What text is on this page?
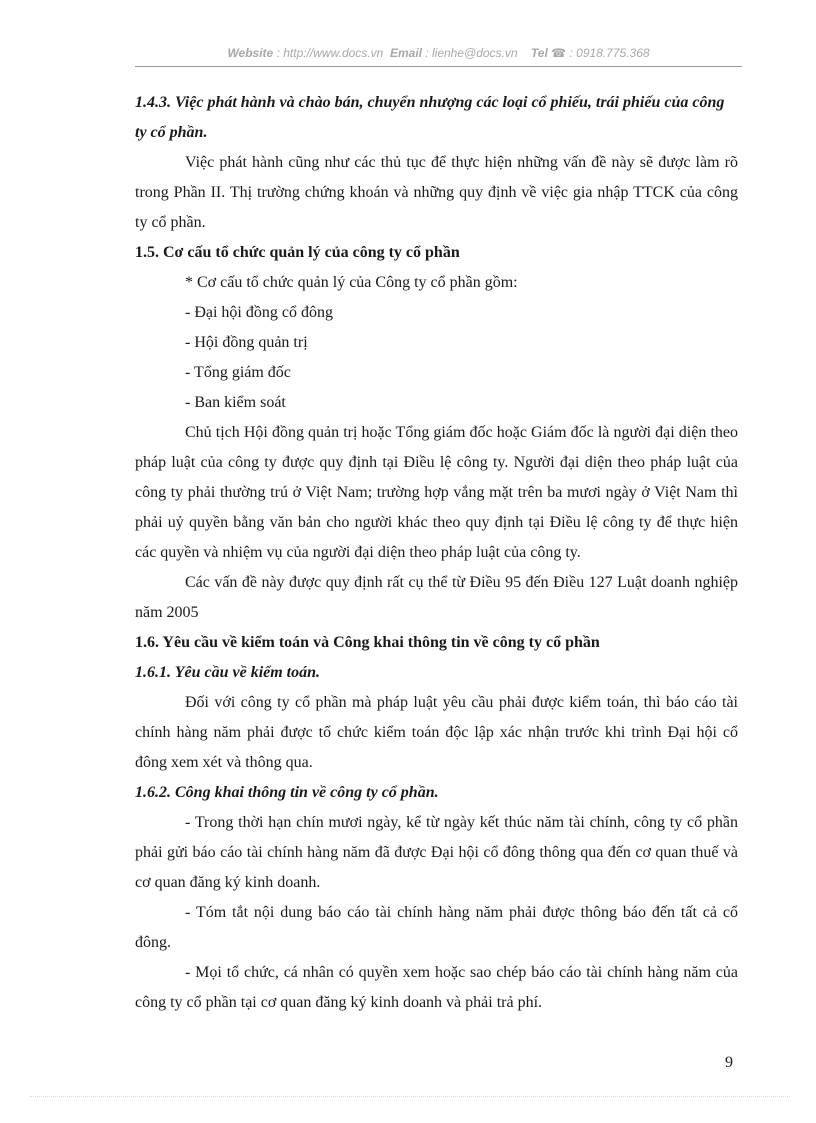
Website : http://www.docs.vn Email : lienhe@docs.vn Tel ☎ : 0918.775.368
1.4.3. Việc phát hành và chào bán, chuyển nhượng các loại cổ phiếu, trái phiếu của công ty cổ phần.

Việc phát hành cũng như các thủ tục để thực hiện những vấn đề này sẽ được làm rõ trong Phần II. Thị trường chứng khoán và những quy định về việc gia nhập TTCK của công ty cổ phần.

1.5. Cơ cấu tổ chức quản lý của công ty cổ phần
* Cơ cấu tổ chức quản lý của Công ty cổ phần gồm:
- Đại hội đồng cổ đông
- Hội đồng quản trị
- Tổng giám đốc
- Ban kiểm soát

Chủ tịch Hội đồng quản trị hoặc Tổng giám đốc hoặc Giám đốc là người đại diện theo pháp luật của công ty được quy định tại Điều lệ công ty. Người đại diện theo pháp luật của công ty phải thường trú ở Việt Nam; trường hợp vắng mặt trên ba mươi ngày ở Việt Nam thì phải uỷ quyền bằng văn bản cho người khác theo quy định tại Điều lệ công ty để thực hiện các quyền và nhiệm vụ của người đại diện theo pháp luật của công ty.

Các vấn đề này được quy định rất cụ thể từ Điều 95 đến Điều 127 Luật doanh nghiệp năm 2005

1.6. Yêu cầu về kiểm toán và Công khai thông tin về công ty cổ phần
1.6.1. Yêu cầu về kiểm toán.

Đối với công ty cổ phần mà pháp luật yêu cầu phải được kiểm toán, thì báo cáo tài chính hàng năm phải được tổ chức kiểm toán độc lập xác nhận trước khi trình Đại hội cổ đông xem xét và thông qua.

1.6.2. Công khai thông tin về công ty cổ phần.

- Trong thời hạn chín mươi ngày, kể từ ngày kết thúc năm tài chính, công ty cổ phần phải gửi báo cáo tài chính hàng năm đã được Đại hội cổ đông thông qua đến cơ quan thuế và cơ quan đăng ký kinh doanh.

- Tóm tắt nội dung báo cáo tài chính hàng năm phải được thông báo đến tất cả cổ đông.

- Mọi tổ chức, cá nhân có quyền xem hoặc sao chép báo cáo tài chính hàng năm của công ty cổ phần tại cơ quan đăng ký kinh doanh và phải trả phí.

9
